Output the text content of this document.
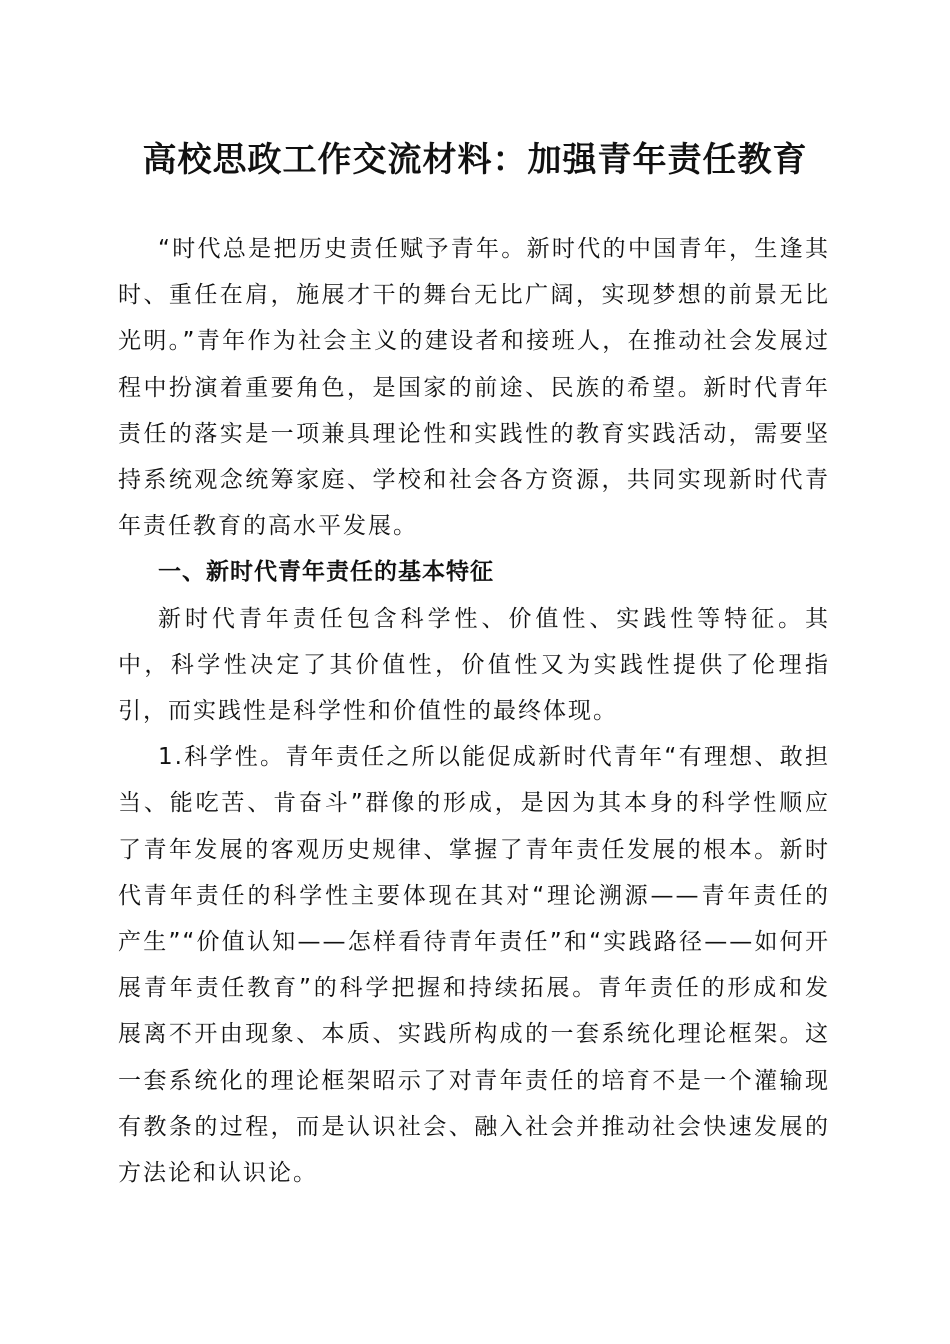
高校思政工作交流材料：加强青年责任教育

“时代总是把历史责任赋予青年。新时代的中国青年，生逢其时、重任在肩，施展才干的舞台无比广阔，实现梦想的前景无比光明。”青年作为社会主义的建设者和接班人，在推动社会发展过程中扮演着重要角色，是国家的前途、民族的希望。新时代青年责任的落实是一项兼具理论性和实践性的教育实践活动，需要坚持系统观念统筹家庭、学校和社会各方资源，共同实现新时代青年责任教育的高水平发展。

一、新时代青年责任的基本特征

新时代青年责任包含科学性、价值性、实践性等特征。其中，科学性决定了其价值性，价值性又为实践性提供了伦理指引，而实践性是科学性和价值性的最终体现。

1.科学性。青年责任之所以能促成新时代青年“有理想、敢担当、能吃苦、肯奋斗”群像的形成，是因为其本身的科学性顺应了青年发展的客观历史规律、掌握了青年责任发展的根本。新时代青年责任的科学性主要体现在其对“理论溯源——青年责任的产生”“价值认知——怎样看待青年责任”和“实践路径——如何开展青年责任教育”的科学把握和持续拓展。青年责任的形成和发展离不开由现象、本质、实践所构成的一套系统化理论框架。这一套系统化的理论框架昭示了对青年责任的培育不是一个灌输现有教条的过程，而是认识社会、融入社会并推动社会快速发展的方法论和认识论。
